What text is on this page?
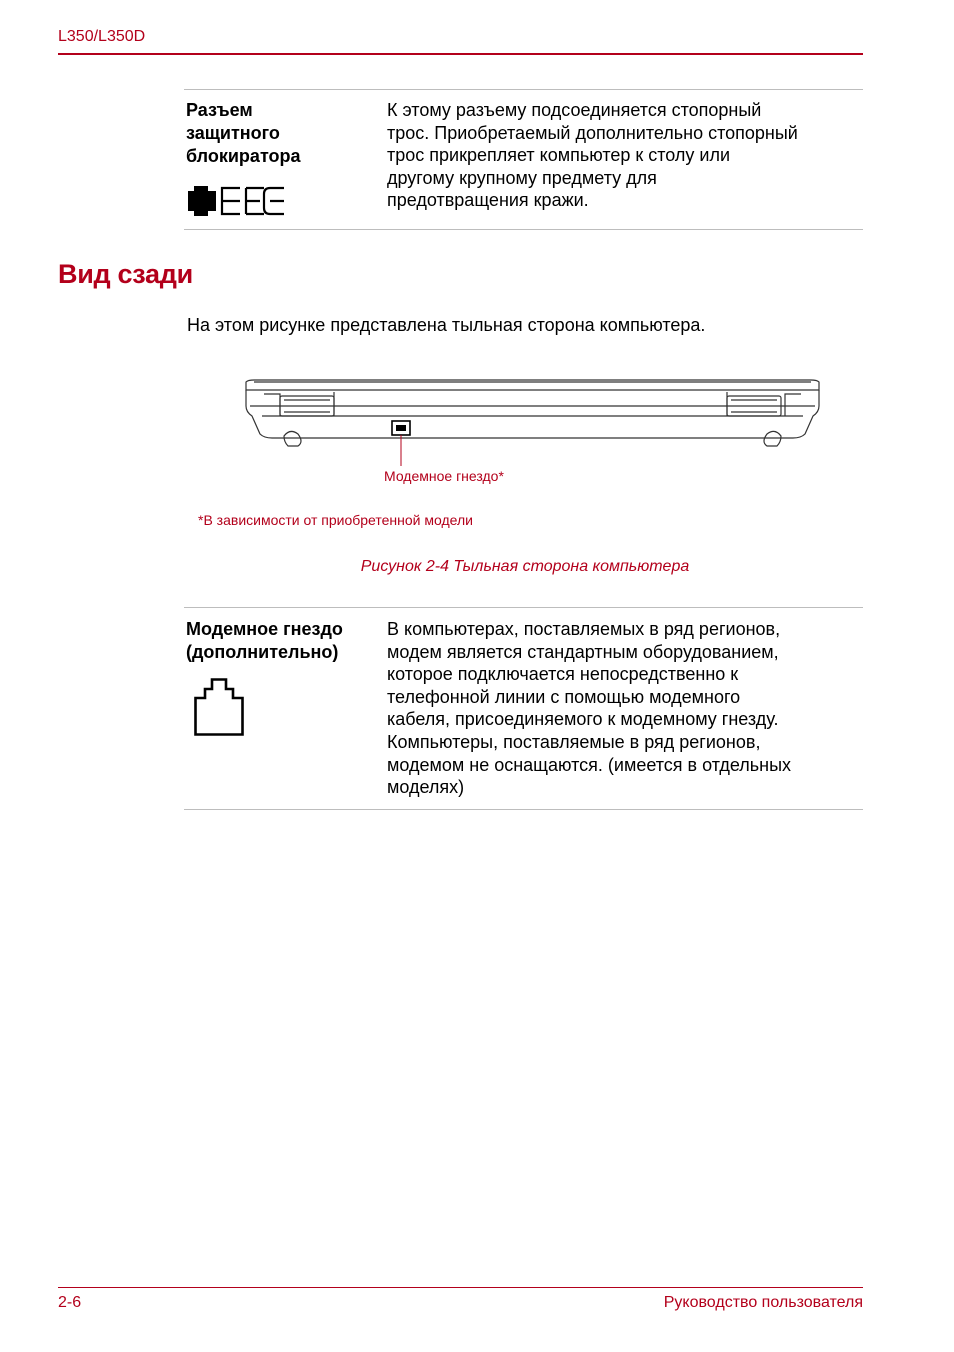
L350/L350D
Разъем
защитного
блокиратора
К этому разъему подсоединяется стопорный
трос. Приобретаемый дополнительно стопорный
трос прикрепляет компьютер к столу или
другому крупному предмету для
предотвращения кражи.
Вид сзади
На этом рисунке представлена тыльная сторона компьютера.
Модемное гнездо*
*В зависимости от приобретенной модели
Рисунок 2-4 Тыльная сторона компьютера
Модемное гнездо
(дополнительно)
В компьютерах, поставляемых в ряд регионов,
модем является стандартным оборудованием,
которое подключается непосредственно к
телефонной линии с помощью модемного
кабеля, присоединяемого к модемному гнезду.
Компьютеры, поставляемые в ряд регионов,
модемом не оснащаются. (имеется в отдельных
моделях)
2-6	Руководство пользователя
